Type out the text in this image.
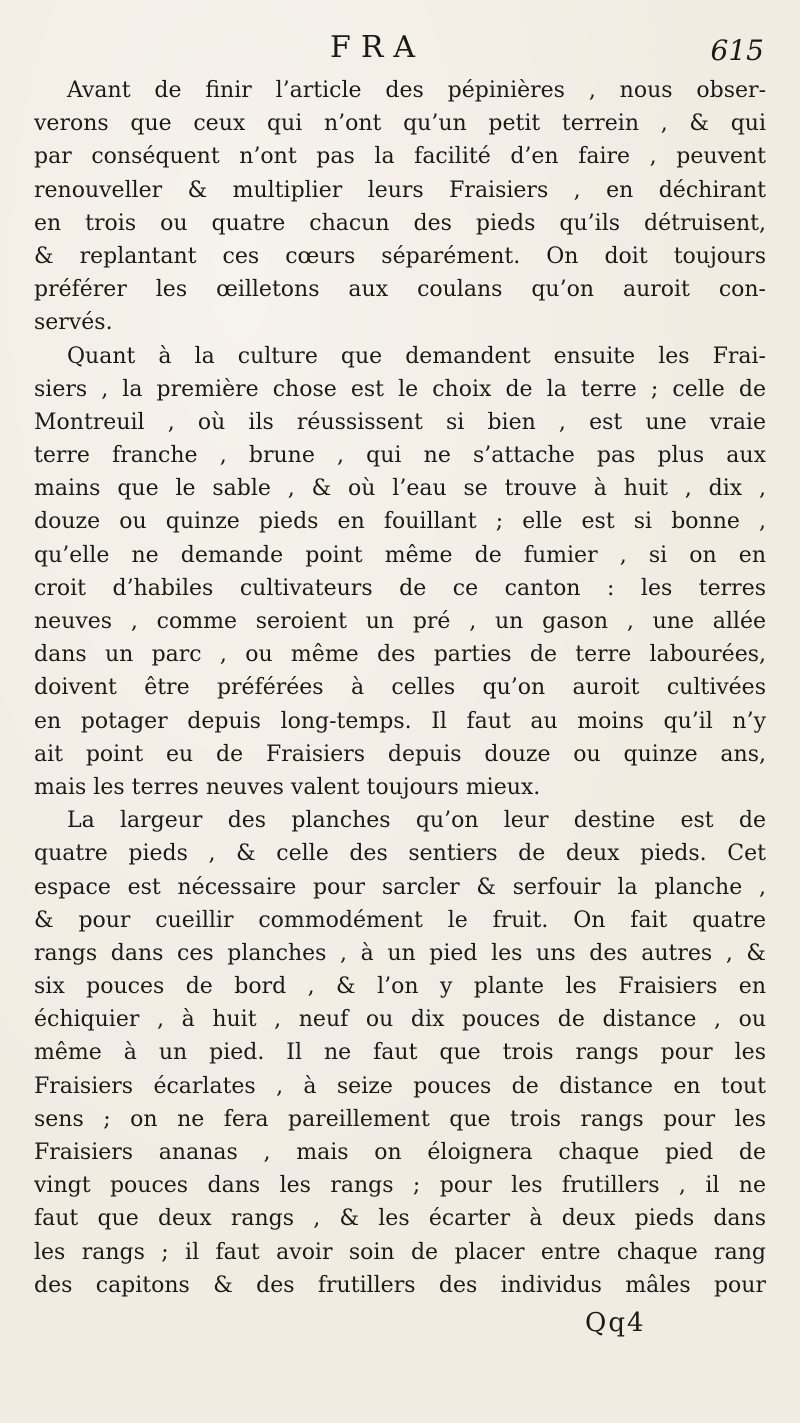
FRA	615
Avant de finir l’article des pépinières , nous obser-
verons que ceux qui n’ont qu’un petit terrein , & qui
par conséquent n’ont pas la facilité d’en faire , peuvent
renouveller & multiplier leurs Fraisiers , en déchirant
en trois ou quatre chacun des pieds qu’ils détruisent,
& replantant ces cœurs séparément. On doit toujours
préférer les œilletons aux coulans qu’on auroit con-
servés.
Quant à la culture que demandent ensuite les Frai-
siers , la première chose est le choix de la terre ; celle de
Montreuil , où ils réussissent si bien , est une vraie
terre franche , brune , qui ne s’attache pas plus aux
mains que le sable , & où l’eau se trouve à huit , dix ,
douze ou quinze pieds en fouillant ; elle est si bonne ,
qu’elle ne demande point même de fumier , si on en
croit d’habiles cultivateurs de ce canton : les terres
neuves , comme seroient un pré , un gason , une allée
dans un parc , ou même des parties de terre labourées,
doivent être préférées à celles qu’on auroit cultivées
en potager depuis long-temps. Il faut au moins qu’il n’y
ait point eu de Fraisiers depuis douze ou quinze ans,
mais les terres neuves valent toujours mieux.
La largeur des planches qu’on leur destine est de
quatre pieds , & celle des sentiers de deux pieds. Cet
espace est nécessaire pour sarcler & serfouir la planche ,
& pour cueillir commodément le fruit. On fait quatre
rangs dans ces planches , à un pied les uns des autres , &
six pouces de bord , & l’on y plante les Fraisiers en
échiquier , à huit , neuf ou dix pouces de distance , ou
même à un pied. Il ne faut que trois rangs pour les
Fraisiers écarlates , à seize pouces de distance en tout
sens ; on ne fera pareillement que trois rangs pour les
Fraisiers ananas , mais on éloignera chaque pied de
vingt pouces dans les rangs ; pour les frutillers , il ne
faut que deux rangs , & les écarter à deux pieds dans
les rangs ; il faut avoir soin de placer entre chaque rang
des capitons & des frutillers des individus mâles pour
Qq4
